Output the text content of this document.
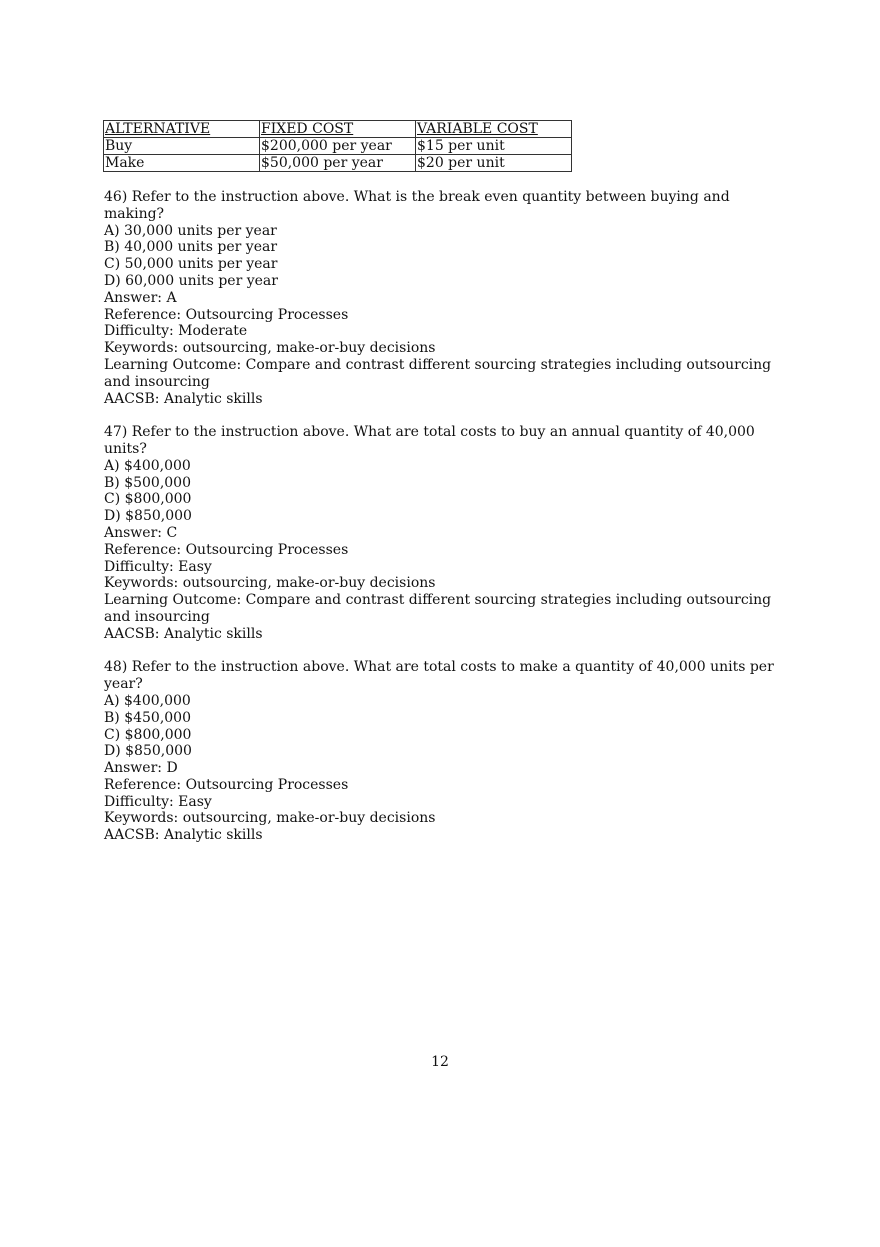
ALTERNATIVE	FIXED COST	VARIABLE COST
Buy	$200,000 per year	$15 per unit
Make	$50,000 per year	$20 per unit
46) Refer to the instruction above. What is the break even quantity between buying and making?
A) 30,000 units per year
B) 40,000 units per year
C) 50,000 units per year
D) 60,000 units per year
Answer: A
Reference: Outsourcing Processes
Difficulty: Moderate
Keywords: outsourcing, make-or-buy decisions
Learning Outcome: Compare and contrast different sourcing strategies including outsourcing and insourcing
AACSB: Analytic skills
47) Refer to the instruction above. What are total costs to buy an annual quantity of 40,000 units?
A) $400,000
B) $500,000
C) $800,000
D) $850,000
Answer: C
Reference: Outsourcing Processes
Difficulty: Easy
Keywords: outsourcing, make-or-buy decisions
Learning Outcome: Compare and contrast different sourcing strategies including outsourcing and insourcing
AACSB: Analytic skills
48) Refer to the instruction above. What are total costs to make a quantity of 40,000 units per year?
A) $400,000
B) $450,000
C) $800,000
D) $850,000
Answer: D
Reference: Outsourcing Processes
Difficulty: Easy
Keywords: outsourcing, make-or-buy decisions
AACSB: Analytic skills
12
